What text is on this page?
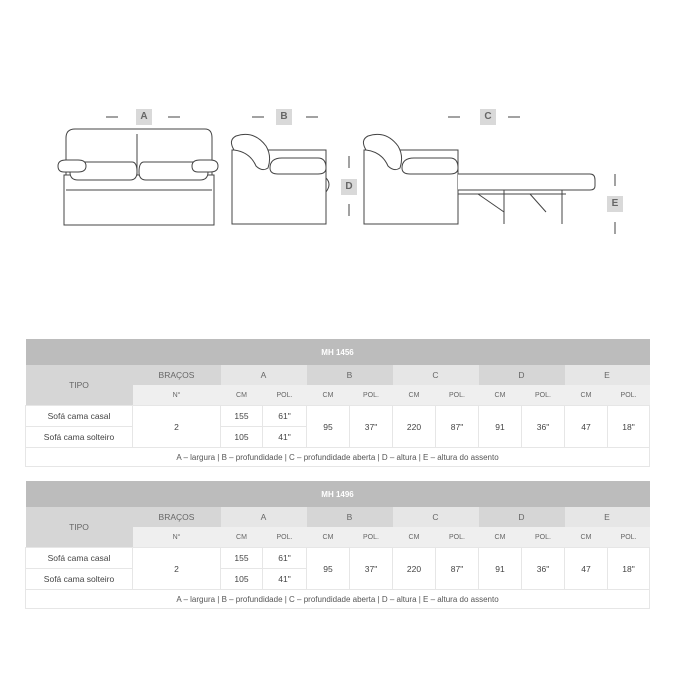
A	B	C
D
E
MH 1456											
TIPO	BRAÇOS	A		B		C		D		E	
	N°	CM	POL.	CM	POL.	CM	POL.	CM	POL.	CM	POL.
Sofá cama casal	2	155	61"	95	37"	220	87"	91	36"	47	18"
Sofá cama solteiro		105	41"								
A – largura | B – profundidade | C – profundidade aberta | D – altura | E – altura do assento											
MH 1496											
TIPO	BRAÇOS	A		B		C		D		E	
	N°	CM	POL.	CM	POL.	CM	POL.	CM	POL.	CM	POL.
Sofá cama casal	2	155	61"	95	37"	220	87"	91	36"	47	18"
Sofá cama solteiro		105	41"								
A – largura | B – profundidade | C – profundidade aberta | D – altura | E – altura do assento											
